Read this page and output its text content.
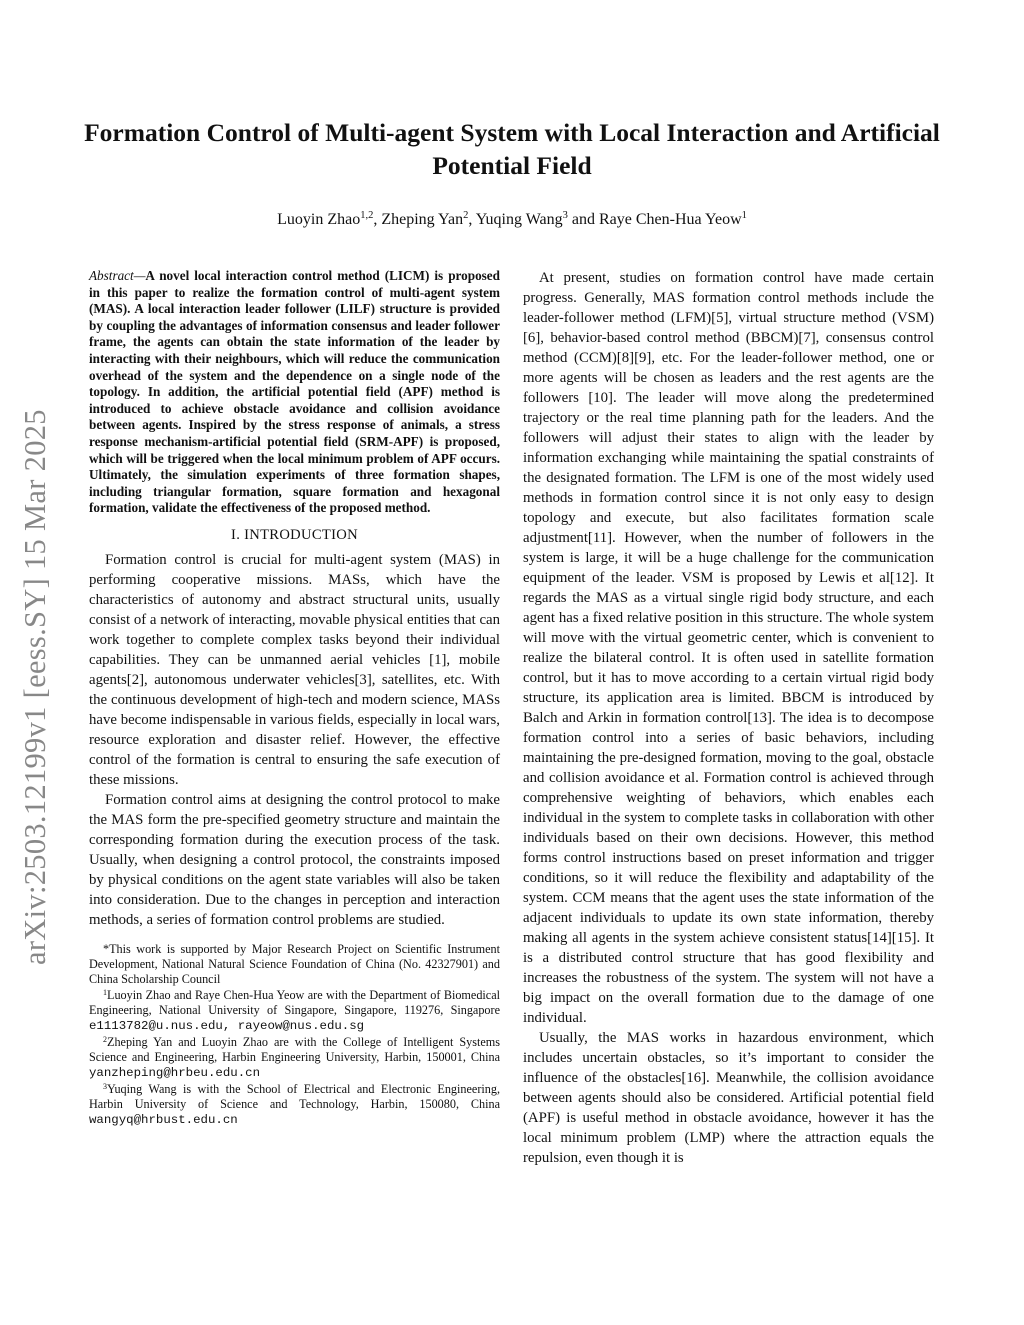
Formation Control of Multi-agent System with Local Interaction and Artificial Potential Field
Luoyin Zhao$^{1,2}$, Zheping Yan$^2$, Yuqing Wang$^3$ and Raye Chen-Hua Yeow$^1$
arXiv:2503.12199v1 [eess.SY] 15 Mar 2025
Abstract—A novel local interaction control method (LICM) is proposed in this paper to realize the formation control of multi-agent system (MAS). A local interaction leader follower (LILF) structure is provided by coupling the advantages of information consensus and leader follower frame, the agents can obtain the state information of the leader by interacting with their neighbours, which will reduce the communication overhead of the system and the dependence on a single node of the topology. In addition, the artificial potential field (APF) method is introduced to achieve obstacle avoidance and collision avoidance between agents. Inspired by the stress response of animals, a stress response mechanism-artificial potential field (SRM-APF) is proposed, which will be triggered when the local minimum problem of APF occurs. Ultimately, the simulation experiments of three formation shapes, including triangular formation, square formation and hexagonal formation, validate the effectiveness of the proposed method.
I. INTRODUCTION

Formation control is crucial for multi-agent system (MAS) in performing cooperative missions. MASs, which have the characteristics of autonomy and abstract structural units, usually consist of a network of interacting, movable physical entities that can work together to complete complex tasks beyond their individual capabilities. They can be unmanned aerial vehicles [1], mobile agents[2], autonomous underwater vehicles[3], satellites, etc. With the continuous development of high-tech and modern science, MASs have become indispensable in various fields, especially in local wars, resource exploration and disaster relief. However, the effective control of the formation is central to ensuring the safe execution of these missions.

Formation control aims at designing the control protocol to make the MAS form the pre-specified geometry structure and maintain the corresponding formation during the execution process of the task. Usually, when designing a control protocol, the constraints imposed by physical conditions on the agent state variables will also be taken into consideration. Due to the changes in perception and interaction methods, a series of formation control problems are studied.

*This work is supported by Major Research Project on Scientific Instrument Development, National Natural Science Foundation of China (No. 42327901) and China Scholarship Council

$^1$Luoyin Zhao and Raye Chen-Hua Yeow are with the Department of Biomedical Engineering, National University of Singapore, Singapore, 119276, Singapore e1113782@u.nus.edu, rayeow@nus.edu.sg

$^2$Zheping Yan and Luoyin Zhao are with the College of Intelligent Systems Science and Engineering, Harbin Engineering University, Harbin, 150001, China yanzheping@hrbeu.edu.cn

$^3$Yuqing Wang is with the School of Electrical and Electronic Engineering, Harbin University of Science and Technology, Harbin, 150080, China wangyq@hrbust.edu.cn

At present, studies on formation control have made certain progress. Generally, MAS formation control methods include the leader-follower method (LFM)[5], virtual structure method (VSM)[6], behavior-based control method (BBCM)[7], consensus control method (CCM)[8][9], etc. For the leader-follower method, one or more agents will be chosen as leaders and the rest agents are the followers [10]. The leader will move along the predetermined trajectory or the real time planning path for the leaders. And the followers will adjust their states to align with the leader by information exchanging while maintaining the spatial constraints of the designated formation. The LFM is one of the most widely used methods in formation control since it is not only easy to design topology and execute, but also facilitates formation scale adjustment[11]. However, when the number of followers in the system is large, it will be a huge challenge for the communication equipment of the leader. VSM is proposed by Lewis et al[12]. It regards the MAS as a virtual single rigid body structure, and each agent has a fixed relative position in this structure. The whole system will move with the virtual geometric center, which is convenient to realize the bilateral control. It is often used in satellite formation control, but it has to move according to a certain virtual rigid body structure, its application area is limited. BBCM is introduced by Balch and Arkin in formation control[13]. The idea is to decompose formation control into a series of basic behaviors, including maintaining the pre-designed formation, moving to the goal, obstacle and collision avoidance et al. Formation control is achieved through comprehensive weighting of behaviors, which enables each individual in the system to complete tasks in collaboration with other individuals based on their own decisions. However, this method forms control instructions based on preset information and trigger conditions, so it will reduce the flexibility and adaptability of the system. CCM means that the agent uses the state information of the adjacent individuals to update its own state information, thereby making all agents in the system achieve consistent status[14][15]. It is a distributed control structure that has good flexibility and increases the robustness of the system. The system will not have a big impact on the overall formation due to the damage of one individual.

Usually, the MAS works in hazardous environment, which includes uncertain obstacles, so it’s important to consider the influence of the obstacles[16]. Meanwhile, the collision avoidance between agents should also be considered. Artificial potential field (APF) is useful method in obstacle avoidance, however it has the local minimum problem (LMP) where the attraction equals the repulsion, even though it is
